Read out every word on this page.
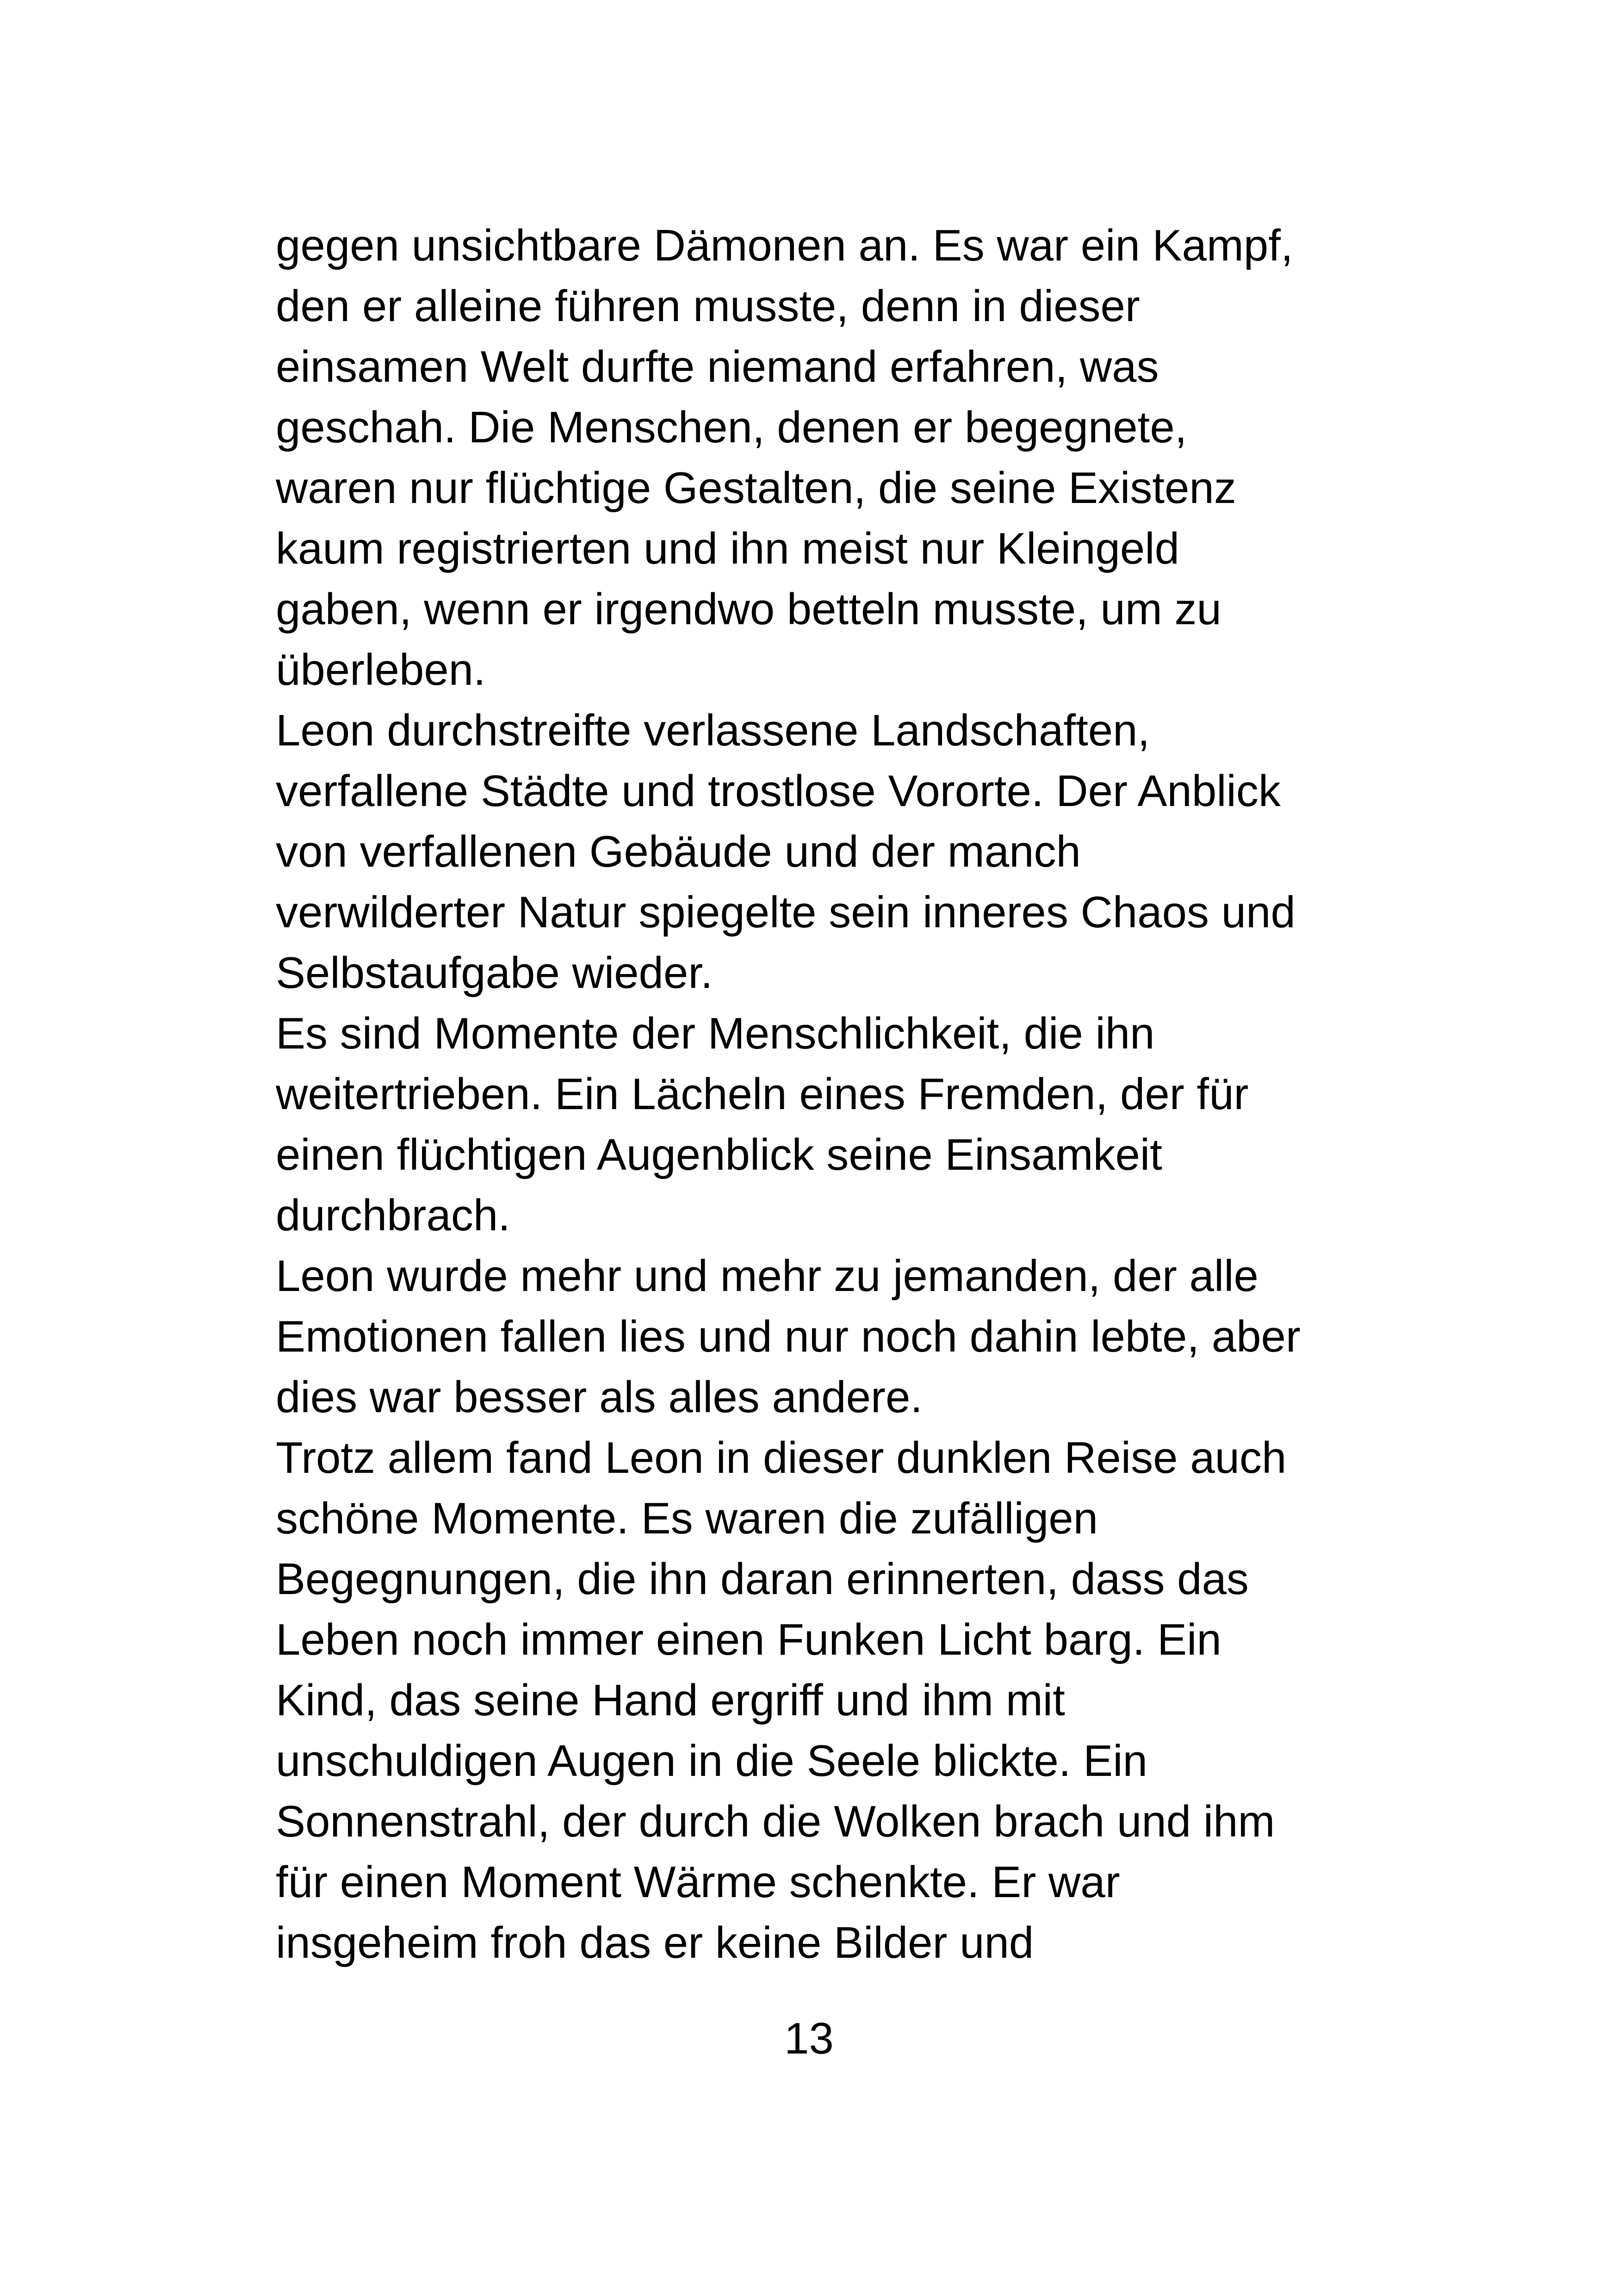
gegen unsichtbare Dämonen an. Es war ein Kampf,
den er alleine führen musste, denn in dieser
einsamen Welt durfte niemand erfahren, was
geschah. Die Menschen, denen er begegnete,
waren nur flüchtige Gestalten, die seine Existenz
kaum registrierten und ihn meist nur Kleingeld
gaben, wenn er irgendwo betteln musste, um zu
überleben.
Leon durchstreifte verlassene Landschaften,
verfallene Städte und trostlose Vororte. Der Anblick
von verfallenen Gebäude und der manch
verwilderter Natur spiegelte sein inneres Chaos und
Selbstaufgabe wieder.
Es sind Momente der Menschlichkeit, die ihn
weitertrieben. Ein Lächeln eines Fremden, der für
einen flüchtigen Augenblick seine Einsamkeit
durchbrach.
Leon wurde mehr und mehr zu jemanden, der alle
Emotionen fallen lies und nur noch dahin lebte, aber
dies war besser als alles andere.
Trotz allem fand Leon in dieser dunklen Reise auch
schöne Momente. Es waren die zufälligen
Begegnungen, die ihn daran erinnerten, dass das
Leben noch immer einen Funken Licht barg. Ein
Kind, das seine Hand ergriff und ihm mit
unschuldigen Augen in die Seele blickte. Ein
Sonnenstrahl, der durch die Wolken brach und ihm
für einen Moment Wärme schenkte. Er war
insgeheim froh das er keine Bilder und
13
